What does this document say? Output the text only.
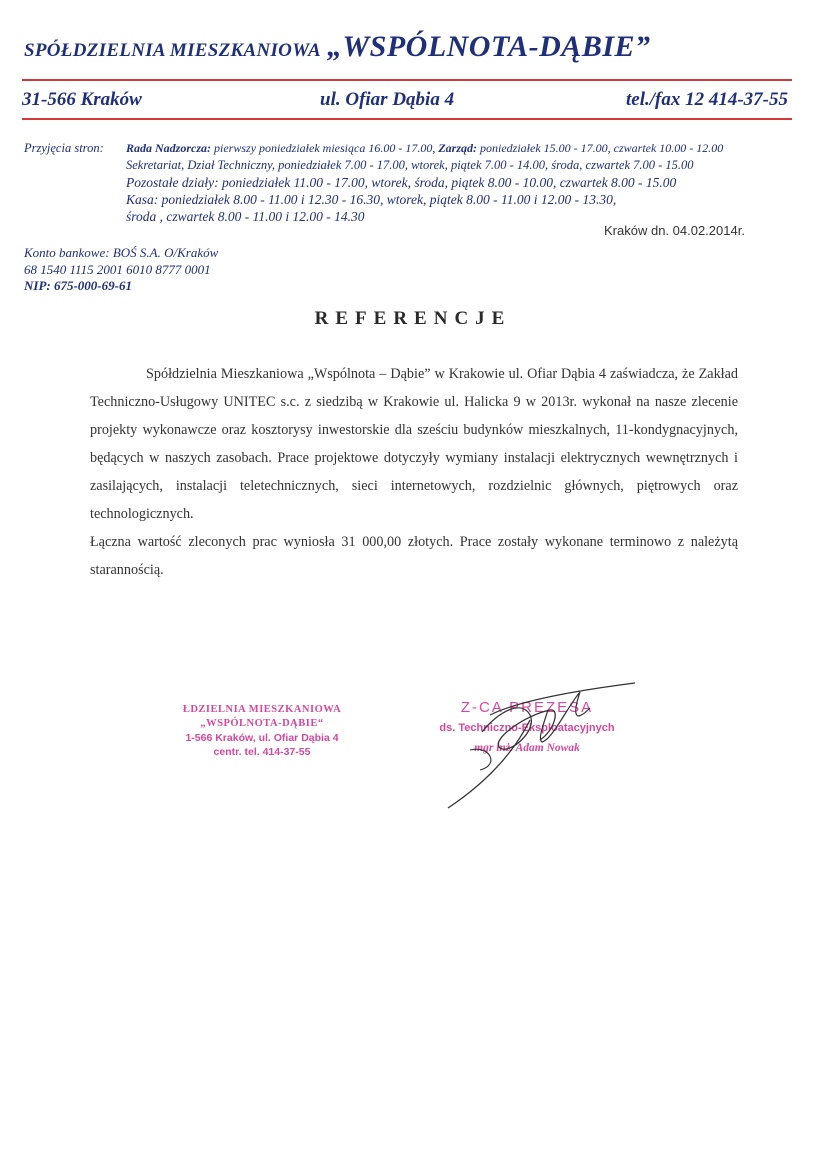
SPÓŁDZIELNIA MIESZKANIOWA „WSPÓLNOTA-DĄBIE”
31-566 Kraków	ul. Ofiar Dąbia 4	tel./fax 12 414-37-55
Przyjęcia stron: Rada Nadzorcza: pierwszy poniedziałek miesiąca 16.00 - 17.00, Zarząd: poniedziałek 15.00 - 17.00, czwartek 10.00 - 12.00
Sekretariat, Dział Techniczny, poniedziałek 7.00 - 17.00, wtorek, piątek 7.00 - 14.00, środa, czwartek 7.00 - 15.00
Pozostałe działy: poniedziałek 11.00 - 17.00, wtorek, środa, piątek 8.00 - 10.00, czwartek 8.00 - 15.00
Kasa: poniedziałek 8.00 - 11.00 i 12.30 - 16.30, wtorek, piątek 8.00 - 11.00 i 12.00 - 13.30,
środa , czwartek 8.00 - 11.00 i 12.00 - 14.30
Kraków dn. 04.02.2014r.
Konto bankowe: BOŚ S.A. O/Kraków
68 1540 1115 2001 6010 8777 0001
NIP: 675-000-69-61
REFERENCJE

Spółdzielnia Mieszkaniowa „Wspólnota – Dąbie” w Krakowie ul. Ofiar Dąbia 4 zaświadcza, że Zakład Techniczno-Usługowy UNITEC s.c. z siedzibą w Krakowie ul. Halicka 9 w 2013r. wykonał na nasze zlecenie projekty wykonawcze oraz kosztorysy inwestorskie dla sześciu budynków mieszkalnych, 11-kondygnacyjnych, będących w naszych zasobach. Prace projektowe dotyczyły wymiany instalacji elektrycznych wewnętrznych i zasilających, instalacji teletechnicznych, sieci internetowych, rozdzielnic głównych, piętrowych oraz technologicznych.

Łączna wartość zleconych prac wyniosła 31 000,00 złotych. Prace zostały wykonane terminowo z należytą starannością.

ŁDZIELNIA MIESZKANIOWA
„WSPÓLNOTA-DĄBIE“
1-566 Kraków, ul. Ofiar Dąbia 4
centr. tel. 414-37-55
Z-CA PREZESA
ds. Techniczno-Eksploatacyjnych
mgr inż. Adam Nowak
